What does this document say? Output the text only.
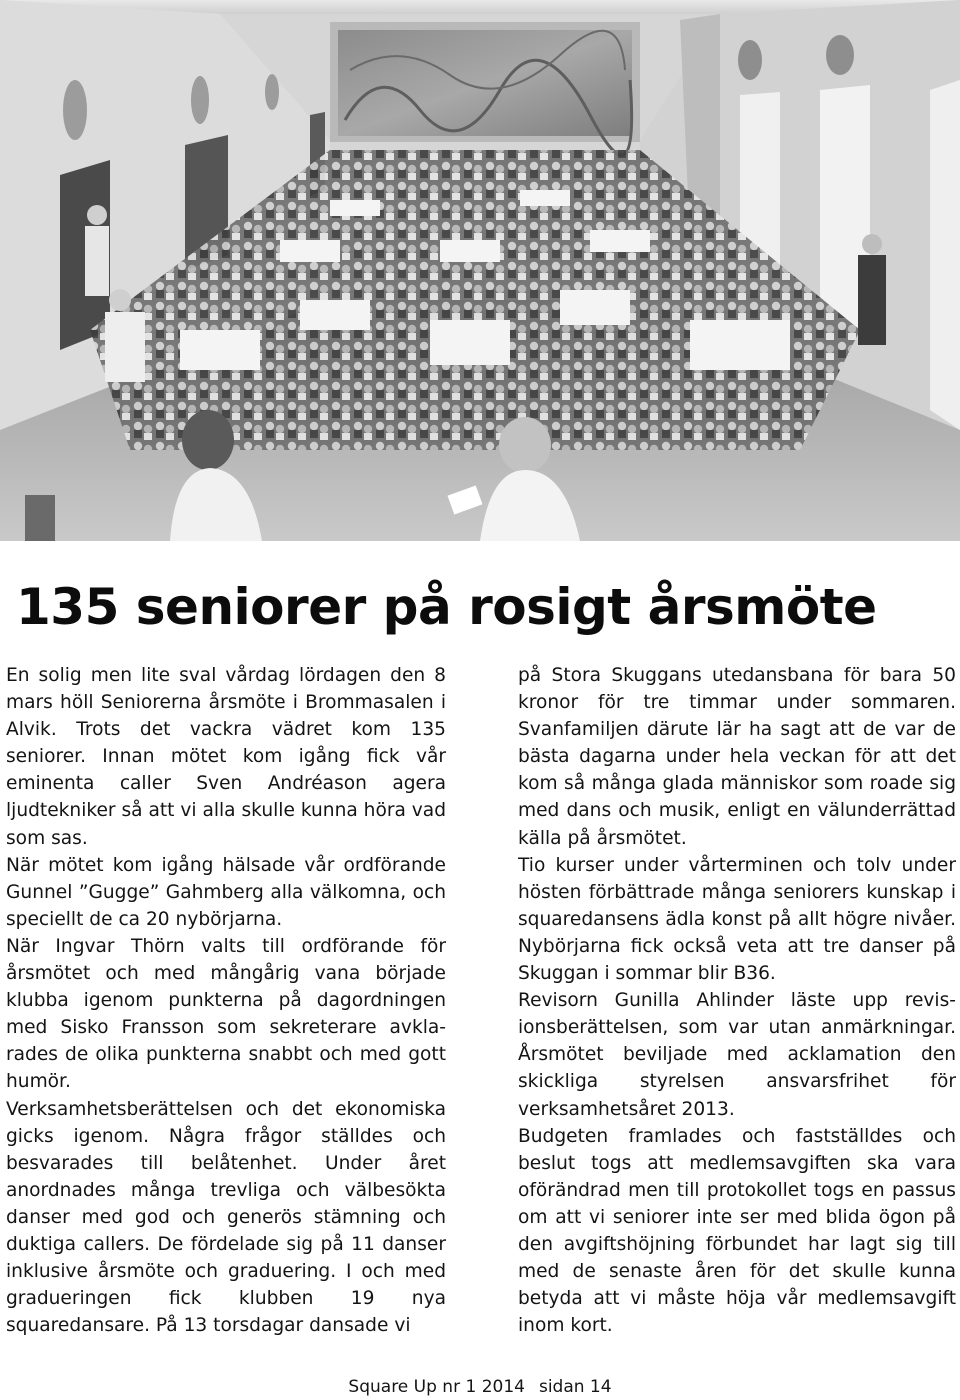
135 seniorer på rosigt årsmöte

En solig men lite sval vårdag lördagen den 8 mars höll Seniorerna årsmöte i Brommasalen i Alvik. Trots det vackra vädret kom 135 seniorer. Innan mötet kom igång fick vår eminenta caller Sven Andréason agera ljudtekniker så att vi alla skulle kunna höra vad som sas.

När mötet kom igång hälsade vår ordförande Gunnel ”Gugge” Gahmberg alla välkomna, och speciellt de ca 20 nybörjarna.

När Ingvar Thörn valts till ordförande för årsmötet och med mångårig vana började klubba igenom punkterna på dagordningen med Sisko Fransson som sekreterare avklarades de olika punkterna snabbt och med gott humör.

Verksamhetsberättelsen och det ekonomiska gicks igenom. Några frågor ställdes och besvarades till belåtenhet. Under året anordnades många trevliga och välbesökta danser med god och generös stämning och duktiga callers. De fördelade sig på 11 danser inklusive årsmöte och graduering. I och med gradueringen fick klubben 19 nya squaredansare. På 13 torsdagar dansade vi

på Stora Skuggans utedansbana för bara 50 kronor för tre timmar under sommaren. Svanfamiljen därute lär ha sagt att de var de bästa dagarna under hela veckan för att det kom så många glada människor som roade sig med dans och musik, enligt en välunderrättad källa på årsmötet.

Tio kurser under vårterminen och tolv under hösten förbättrade många seniorers kunskap i squaredansens ädla konst på allt högre nivåer. Nybörjarna fick också veta att tre danser på Skuggan i sommar blir B36.

Revisorn Gunilla Ahlinder läste upp revisionsberättelsen, som var utan anmärkningar. Årsmötet beviljade med acklamation den skickliga styrelsen ansvarsfrihet för verksamhetsåret 2013.

Budgeten framlades och fastställdes och beslut togs att medlemsavgiften ska vara oförändrad men till protokollet togs en passus om att vi seniorer inte ser med blida ögon på den avgiftshöjning förbundet har lagt sig till med de senaste åren för det skulle kunna betyda att vi måste höja vår medlemsavgift inom kort.

Square Up nr 1 2014 sidan 14
